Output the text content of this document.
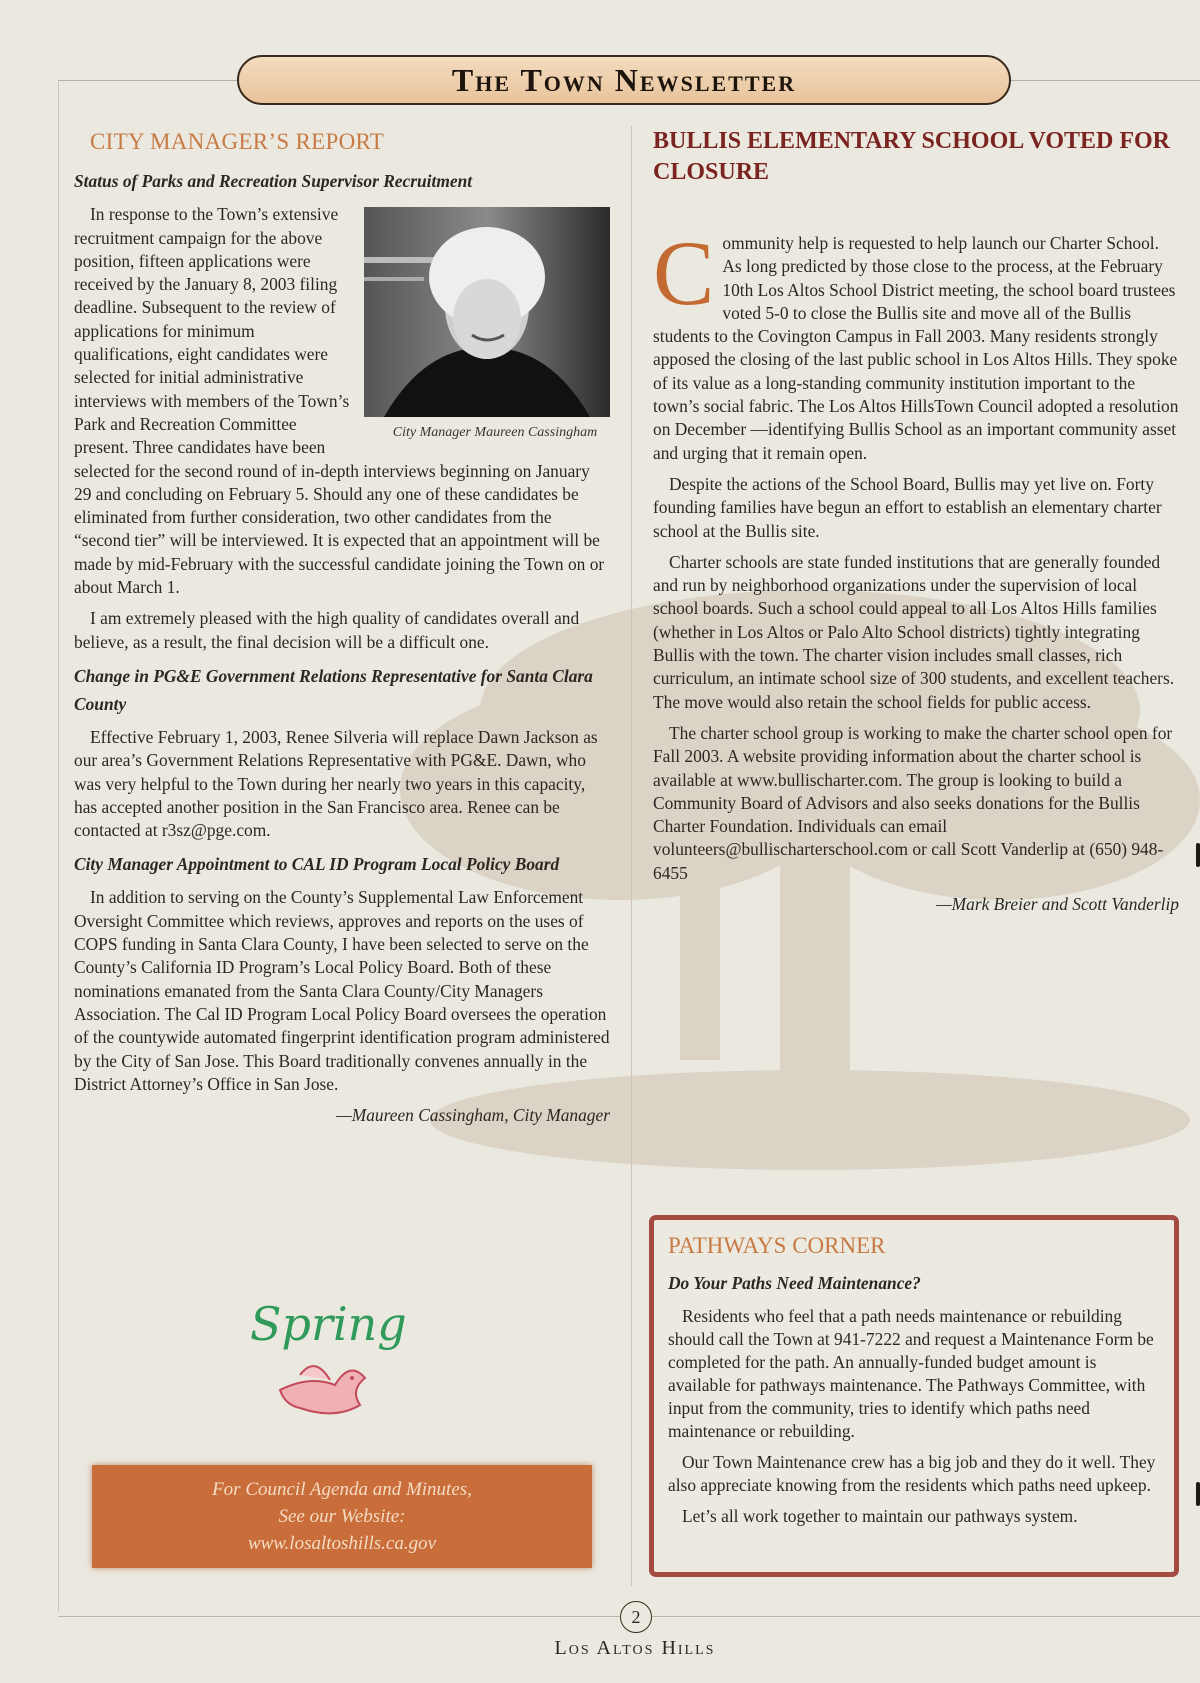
The Town Newsletter
CITY MANAGER’S REPORT
Status of Parks and Recreation Supervisor Recruitment

City Manager Maureen Cassingham
In response to the Town’s extensive recruitment campaign for the above position, fifteen applications were received by the January 8, 2003 filing deadline. Subsequent to the review of applications for minimum qualifications, eight candidates were selected for initial administrative interviews with members of the Town’s Park and Recreation Committee present. Three candidates have been selected for the second round of in-depth interviews beginning on January 29 and concluding on February 5. Should any one of these candidates be eliminated from further consideration, two other candidates from the “second tier” will be interviewed. It is expected that an appointment will be made by mid-February with the successful candidate joining the Town on or about March 1.

I am extremely pleased with the high quality of candidates overall and believe, as a result, the final decision will be a difficult one.

Change in PG&E Government Relations Representative for Santa Clara County

Effective February 1, 2003, Renee Silveria will replace Dawn Jackson as our area’s Government Relations Representative with PG&E. Dawn, who was very helpful to the Town during her nearly two years in this capacity, has accepted another position in the San Francisco area. Renee can be contacted at r3sz@pge.com.

City Manager Appointment to CAL ID Program Local Policy Board

In addition to serving on the County’s Supplemental Law Enforcement Oversight Committee which reviews, approves and reports on the uses of COPS funding in Santa Clara County, I have been selected to serve on the County’s California ID Program’s Local Policy Board. Both of these nominations emanated from the Santa Clara County/City Managers Association. The Cal ID Program Local Policy Board oversees the operation of the countywide automated fingerprint identification program administered by the City of San Jose. This Board traditionally convenes annually in the District Attorney’s Office in San Jose.

—Maureen Cassingham, City Manager
Spring
For Council Agenda and Minutes,
See our Website:
www.losaltoshills.ca.gov
BULLIS ELEMENTARY SCHOOL VOTED FOR CLOSURE

Community help is requested to help launch our Charter School. As long predicted by those close to the process, at the February 10th Los Altos School District meeting, the school board trustees voted 5-0 to close the Bullis site and move all of the Bullis students to the Covington Campus in Fall 2003. Many residents strongly apposed the closing of the last public school in Los Altos Hills. They spoke of its value as a long-standing community institution important to the town’s social fabric. The Los Altos HillsTown Council adopted a resolution on December —identifying Bullis School as an important community asset and urging that it remain open.

Despite the actions of the School Board, Bullis may yet live on. Forty founding families have begun an effort to establish an elementary charter school at the Bullis site.

Charter schools are state funded institutions that are generally founded and run by neighborhood organizations under the supervision of local school boards. Such a school could appeal to all Los Altos Hills families (whether in Los Altos or Palo Alto School districts) tightly integrating Bullis with the town. The charter vision includes small classes, rich curriculum, an intimate school size of 300 students, and excellent teachers. The move would also retain the school fields for public access.

The charter school group is working to make the charter school open for Fall 2003. A website providing information about the charter school is available at www.bullischarter.com. The group is looking to build a Community Board of Advisors and also seeks donations for the Bullis Charter Foundation. Individuals can email volunteers@bullischarterschool.com or call Scott Vanderlip at (650) 948-6455

—Mark Breier and Scott Vanderlip
PATHWAYS CORNER
Do Your Paths Need Maintenance?

Residents who feel that a path needs maintenance or rebuilding should call the Town at 941-7222 and request a Maintenance Form be completed for the path. An annually-funded budget amount is available for pathways maintenance. The Pathways Committee, with input from the community, tries to identify which paths need maintenance or rebuilding.

Our Town Maintenance crew has a big job and they do it well. They also appreciate knowing from the residents which paths need upkeep.

Let’s all work together to maintain our pathways system.

2
Los Altos Hills
